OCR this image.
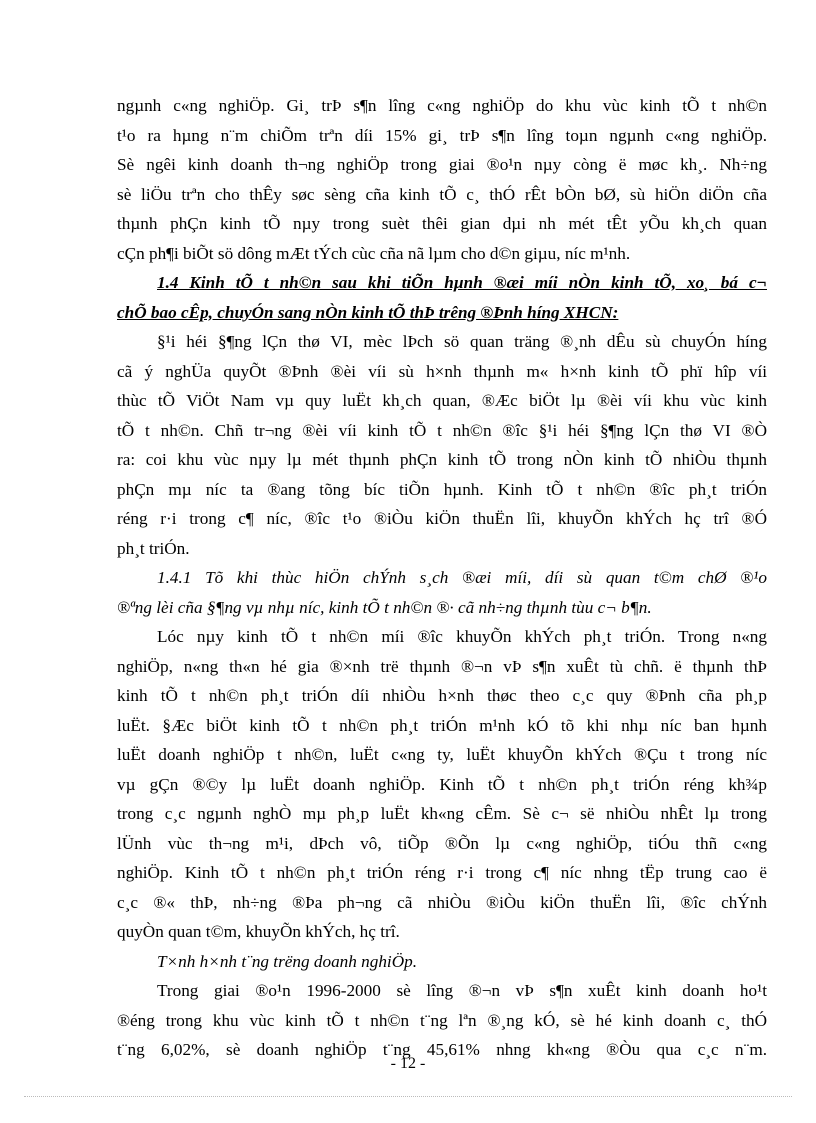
ngµnh c«ng nghiÖp. Gi¸ trÞ s¶n lîng c«ng nghiÖp do khu vùc kinh tÕ t nh©n
t¹o ra hµng n¨m chiÕm trªn díi 15% gi¸ trÞ s¶n lîng toµn ngµnh c«ng nghiÖp.
Sè ngêi kinh doanh th¬ng nghiÖp trong giai ®o¹n nµy còng ë møc kh¸. Nh÷ng
sè liÖu trªn cho thÊy søc sèng cña kinh tÕ c¸ thÓ rÊt bÒn bØ, sù hiÖn diÖn cña
thµnh phÇn kinh tÕ nµy trong suèt thêi gian dµi nh mét tÊt yÕu kh¸ch quan
cÇn ph¶i biÕt sö dông mÆt tÝch cùc cña nã lµm cho d©n giµu, níc m¹nh.
1.4 Kinh tÕ t nh©n sau khi tiÕn hµnh ®æi míi nÒn kinh tÕ, xo¸ bá c¬
chÕ bao cÊp, chuyÓn sang nÒn kinh tÕ thÞ trêng ®Þnh híng XHCN:
§¹i héi §¶ng lÇn thø VI, mèc lÞch sö quan träng ®¸nh dÊu sù chuyÓn híng
cã ý nghÜa quyÕt ®Þnh ®èi víi sù h×nh thµnh m« h×nh kinh tÕ phï hîp víi
thùc tÕ ViÖt Nam vµ quy luËt kh¸ch quan, ®Æc biÖt lµ ®èi víi khu vùc kinh
tÕ t nh©n. Chñ tr¬ng ®èi víi kinh tÕ t nh©n ®îc §¹i héi §¶ng lÇn thø VI ®Ò
ra: coi khu vùc nµy lµ mét thµnh phÇn kinh tÕ trong nÒn kinh tÕ nhiÒu thµnh
phÇn mµ níc ta ®ang tõng bíc tiÕn hµnh. Kinh tÕ t nh©n ®îc ph¸t triÓn
réng r·i trong c¶ níc, ®îc t¹o ®iÒu kiÖn thuËn lîi, khuyÕn khÝch hç trî ®Ó
ph¸t triÓn.
1.4.1 Tõ khi thùc hiÖn chÝnh s¸ch ®æi míi, díi sù quan t©m chØ ®¹o
®ªng lèi cña §¶ng vµ nhµ níc, kinh tÕ t nh©n ®· cã nh÷ng thµnh tùu c¬ b¶n.
Lóc nµy kinh tÕ t nh©n míi ®îc khuyÕn khÝch ph¸t triÓn. Trong n«ng
nghiÖp, n«ng th«n hé gia ®×nh trë thµnh ®¬n vÞ s¶n xuÊt tù chñ. ë thµnh thÞ
kinh tÕ t nh©n ph¸t triÓn díi nhiÒu h×nh thøc theo c¸c quy ®Þnh cña ph¸p
luËt. §Æc biÖt kinh tÕ t nh©n ph¸t triÓn m¹nh kÓ tõ khi nhµ níc ban hµnh
luËt doanh nghiÖp t nh©n, luËt c«ng ty, luËt khuyÕn khÝch ®Çu t trong níc
vµ gÇn ®©y lµ luËt doanh nghiÖp. Kinh tÕ t nh©n ph¸t triÓn réng kh¾p
trong c¸c ngµnh nghÒ mµ ph¸p luËt kh«ng cÊm. Sè c¬ së nhiÒu nhÊt lµ trong
lÜnh vùc th¬ng m¹i, dÞch vô, tiÕp ®Õn lµ c«ng nghiÖp, tiÓu thñ c«ng
nghiÖp. Kinh tÕ t nh©n ph¸t triÓn réng r·i trong c¶ níc nhng tËp trung cao ë
c¸c ®« thÞ, nh÷ng ®Þa ph¬ng cã nhiÒu ®iÒu kiÖn thuËn lîi, ®îc chÝnh
quyÒn quan t©m, khuyÕn khÝch, hç trî.
T×nh h×nh t¨ng trëng doanh nghiÖp.
Trong giai ®o¹n 1996-2000 sè lîng ®¬n vÞ s¶n xuÊt kinh doanh ho¹t
®éng trong khu vùc kinh tÕ t nh©n t¨ng lªn ®¸ng kÓ, sè hé kinh doanh c¸ thÓ
t¨ng 6,02%, sè doanh nghiÖp t¨ng 45,61% nhng kh«ng ®Òu qua c¸c n¨m.
- 12 -
